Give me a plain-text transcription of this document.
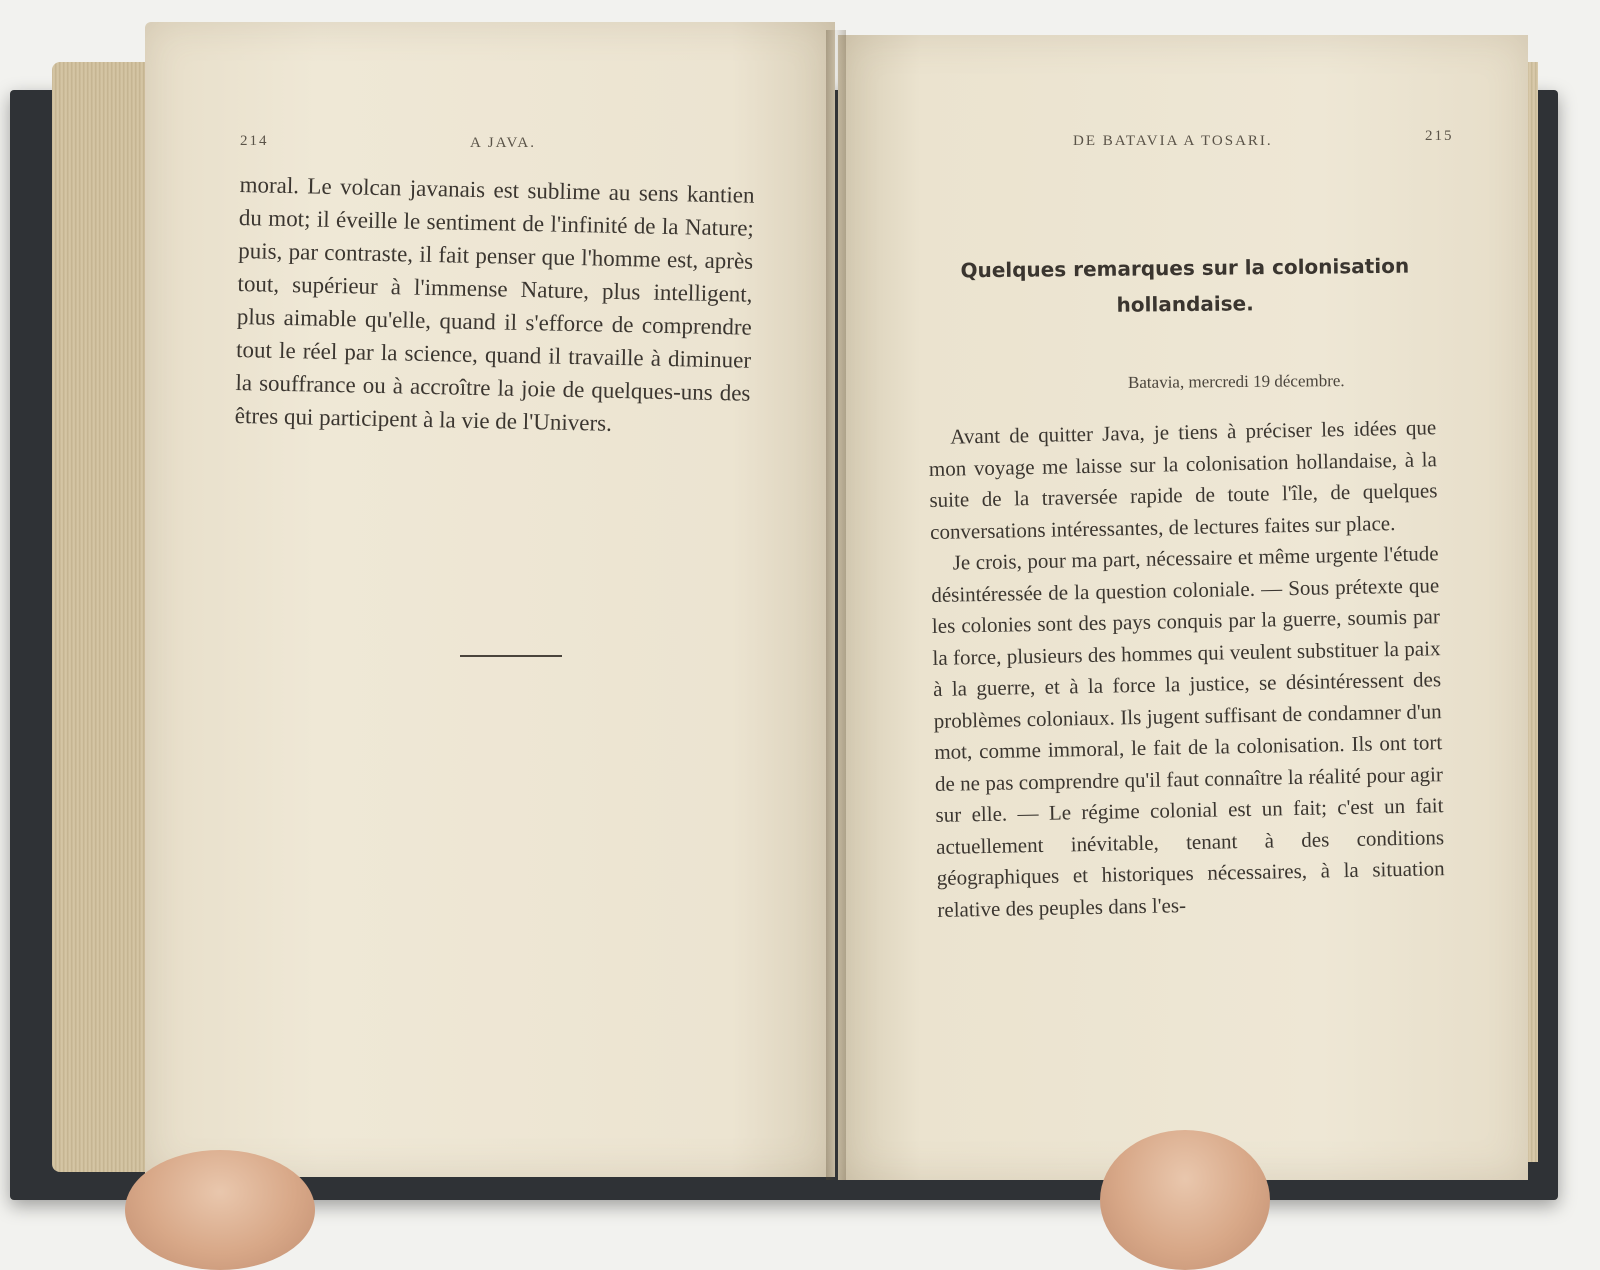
214	A JAVA.

moral. Le volcan javanais est sublime au sens kantien du mot; il éveille le sentiment de l'infinité de la Nature; puis, par contraste, il fait penser que l'homme est, après tout, supérieur à l'immense Nature, plus intelligent, plus aimable qu'elle, quand il s'efforce de comprendre tout le réel par la science, quand il travaille à diminuer la souffrance ou à accroître la joie de quelques-uns des êtres qui participent à la vie de l'Univers.

DE BATAVIA A TOSARI.	215
Quelques remarques sur la colonisation hollandaise.
Batavia, mercredi 19 décembre.

Avant de quitter Java, je tiens à préciser les idées que mon voyage me laisse sur la colonisation hollandaise, à la suite de la traversée rapide de toute l'île, de quelques conversations intéressantes, de lectures faites sur place.

Je crois, pour ma part, nécessaire et même urgente l'étude désintéressée de la question coloniale. — Sous prétexte que les colonies sont des pays conquis par la guerre, soumis par la force, plusieurs des hommes qui veulent substituer la paix à la guerre, et à la force la justice, se désintéressent des problèmes coloniaux. Ils jugent suffisant de condamner d'un mot, comme immoral, le fait de la colonisation. Ils ont tort de ne pas comprendre qu'il faut connaître la réalité pour agir sur elle. — Le régime colonial est un fait; c'est un fait actuellement inévitable, tenant à des conditions géographiques et historiques nécessaires, à la situation relative des peuples dans l'es-
